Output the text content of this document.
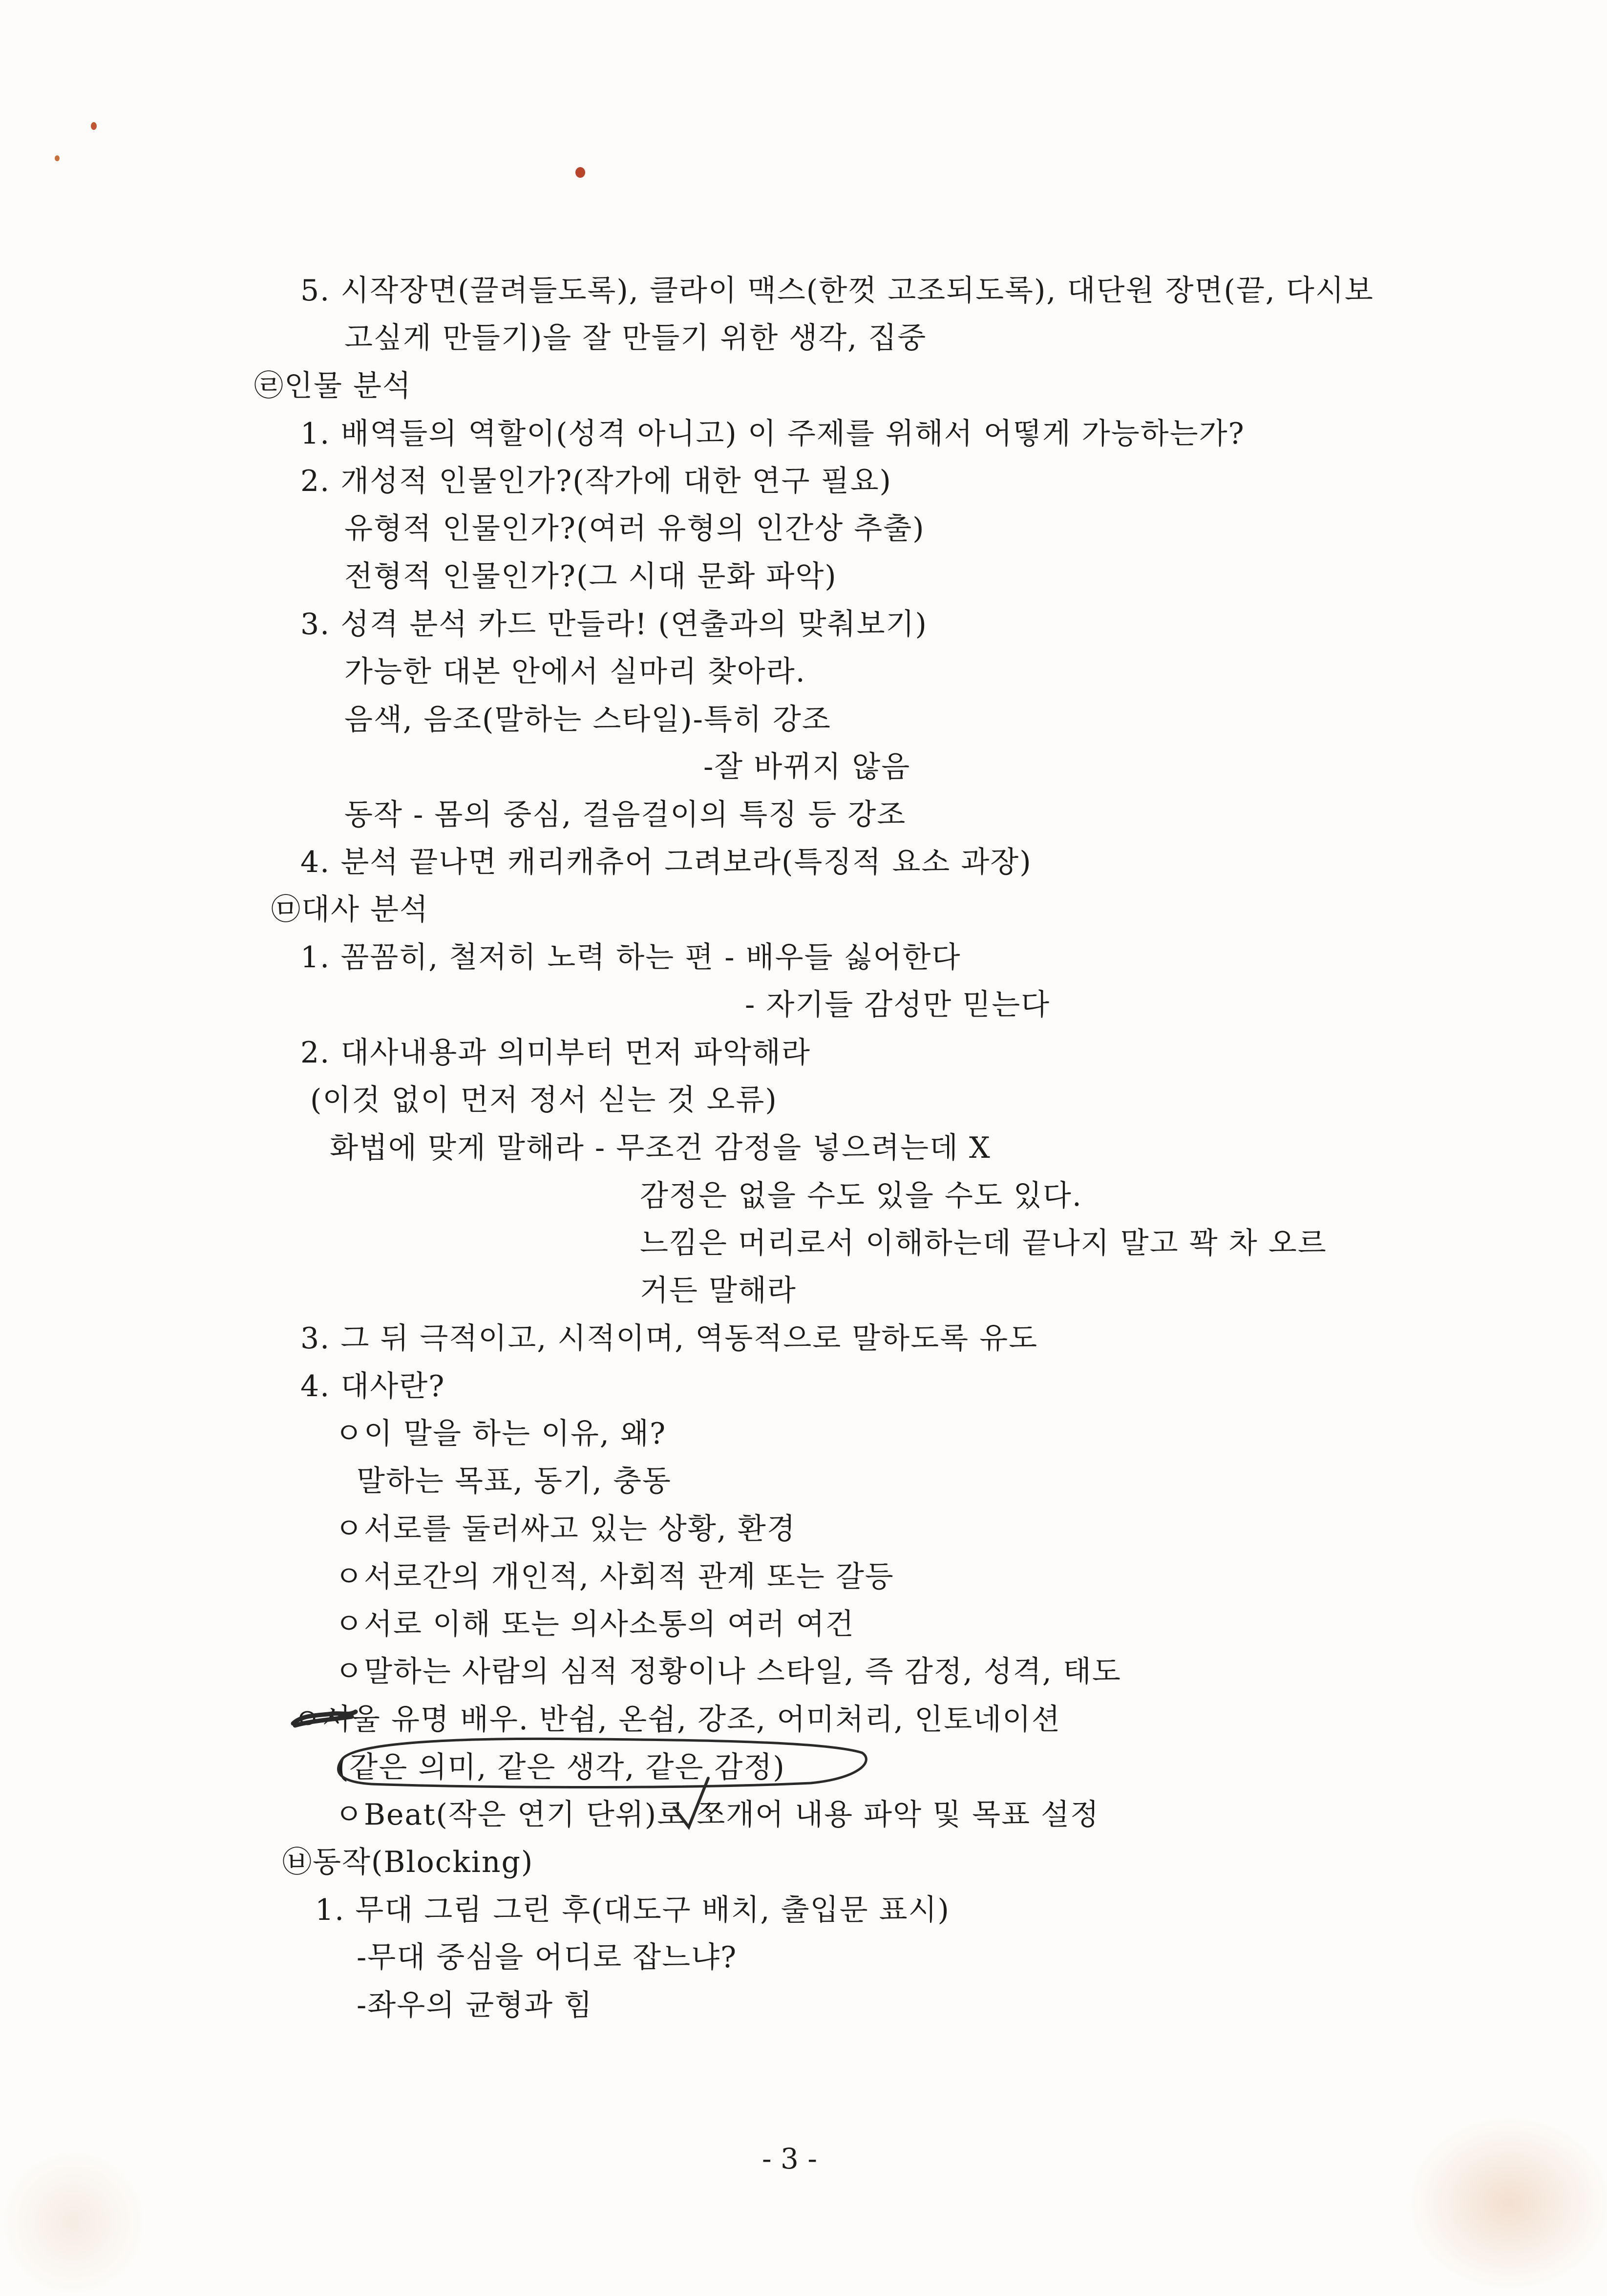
5. 시작장면(끌려들도록), 클라이 맥스(한껏 고조되도록), 대단원 장면(끝, 다시보
고싶게 만들기)을 잘 만들기 위한 생각, 집중
㉣인물 분석
1. 배역들의 역할이(성격 아니고) 이 주제를 위해서 어떻게 가능하는가?
2. 개성적 인물인가?(작가에 대한 연구 필요)
유형적 인물인가?(여러 유형의 인간상 추출)
전형적 인물인가?(그 시대 문화 파악)
3. 성격 분석 카드 만들라! (연출과의 맞춰보기)
가능한 대본 안에서 실마리 찾아라.
음색, 음조(말하는 스타일)-특히 강조
-잘 바뀌지 않음
동작 - 몸의 중심, 걸음걸이의 특징 등 강조
4. 분석 끝나면 캐리캐츄어 그려보라(특징적 요소 과장)
㉤대사 분석
1. 꼼꼼히, 철저히 노력 하는 편 - 배우들 싫어한다
- 자기들 감성만 믿는다
2. 대사내용과 의미부터 먼저 파악해라
(이것 없이 먼저 정서 싣는 것 오류)
화법에 맞게 말해라 - 무조건 감정을 넣으려는데 X
감정은 없을 수도 있을 수도 있다.
느낌은 머리로서 이해하는데 끝나지 말고 꽉 차 오르
거든 말해라
3. 그 뒤 극적이고, 시적이며, 역동적으로 말하도록 유도
4. 대사란?
ㅇ이 말을 하는 이유, 왜?
말하는 목표, 동기, 충동
ㅇ서로를 둘러싸고 있는 상황, 환경
ㅇ서로간의 개인적, 사회적 관계 또는 갈등
ㅇ서로 이해 또는 의사소통의 여러 여건
ㅇ말하는 사람의 심적 정황이나 스타일, 즉 감정, 성격, 태도
ㅇ서울 유명 배우. 반쉼, 온쉼, 강조, 어미처리, 인토네이션
(같은 의미, 같은 생각, 같은 감정)
ㅇBeat(작은 연기 단위)로 쪼개어 내용 파악 및 목표 설정
㉥동작(Blocking)
1. 무대 그림 그린 후(대도구 배치, 출입문 표시)
-무대 중심을 어디로 잡느냐?
-좌우의 균형과 힘
- 3 -
